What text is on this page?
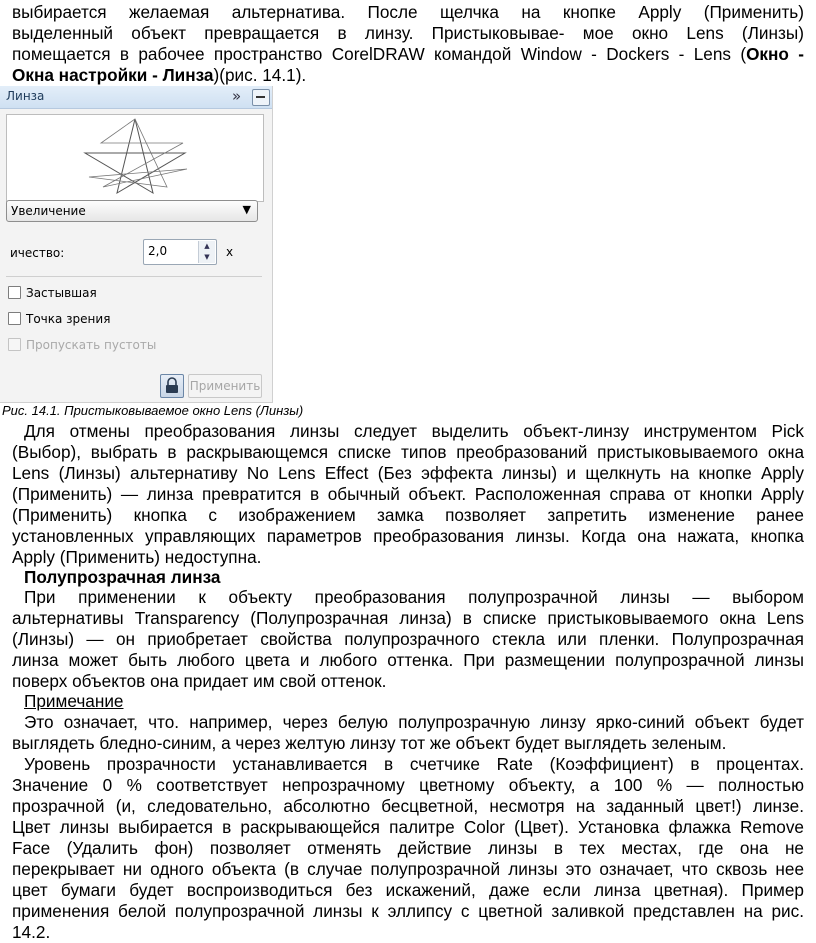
выбирается желаемая альтернатива. После щелчка на кнопке Apply (Применить)
выделенный объект превращается в линзу. Пристыковывае- мое окно Lens (Линзы)
помещается в рабочее пространство CorelDRAW командой Window - Dockers - Lens (Окно -
Окна настройки - Линза)(рис. 14.1).
Линза	»
Увеличение	▼
ичество:	2,0	▲
▼	x
Застывшая
Точка зрения
Пропускать пустоты
Применить
Рис. 14.1. Пристыковываемое окно Lens (Линзы)
Для отмены преобразования линзы следует выделить объект-линзу инструментом Pick
(Выбор), выбрать в раскрывающемся списке типов преобразований пристыковываемого окна
Lens (Линзы) альтернативу No Lens Effect (Без эффекта линзы) и щелкнуть на кнопке Apply
(Применить) — линза превратится в обычный объект. Расположенная справа от кнопки Apply
(Применить) кнопка с изображением замка позволяет запретить изменение ранее
установленных управляющих параметров преобразования линзы. Когда она нажата, кнопка
Apply (Применить) недоступна.
Полупрозрачная линза
При применении к объекту преобразования полупрозрачной линзы — выбором
альтернативы Transparency (Полупрозрачная линза) в списке пристыковываемого окна Lens
(Линзы) — он приобретает свойства полупрозрачного стекла или пленки. Полупрозрачная
линза может быть любого цвета и любого оттенка. При размещении полупрозрачной линзы
поверх объектов она придает им свой оттенок.
Примечание
Это означает, что. например, через белую полупрозрачную линзу ярко-синий объект будет
выглядеть бледно-синим, а через желтую линзу тот же объект будет выглядеть зеленым.
Уровень прозрачности устанавливается в счетчике Rate (Коэффициент) в процентах.
Значение 0 % соответствует непрозрачному цветному объекту, а 100 % — полностью
прозрачной (и, следовательно, абсолютно бесцветной, несмотря на заданный цвет!) линзе.
Цвет линзы выбирается в раскрывающейся палитре Color (Цвет). Установка флажка Remove
Face (Удалить фон) позволяет отменять действие линзы в тех местах, где она не
перекрывает ни одного объекта (в случае полупрозрачной линзы это означает, что сквозь нее
цвет бумаги будет воспроизводиться без искажений, даже если линза цветная). Пример
применения белой полупрозрачной линзы к эллипсу с цветной заливкой представлен на рис.
14.2.
